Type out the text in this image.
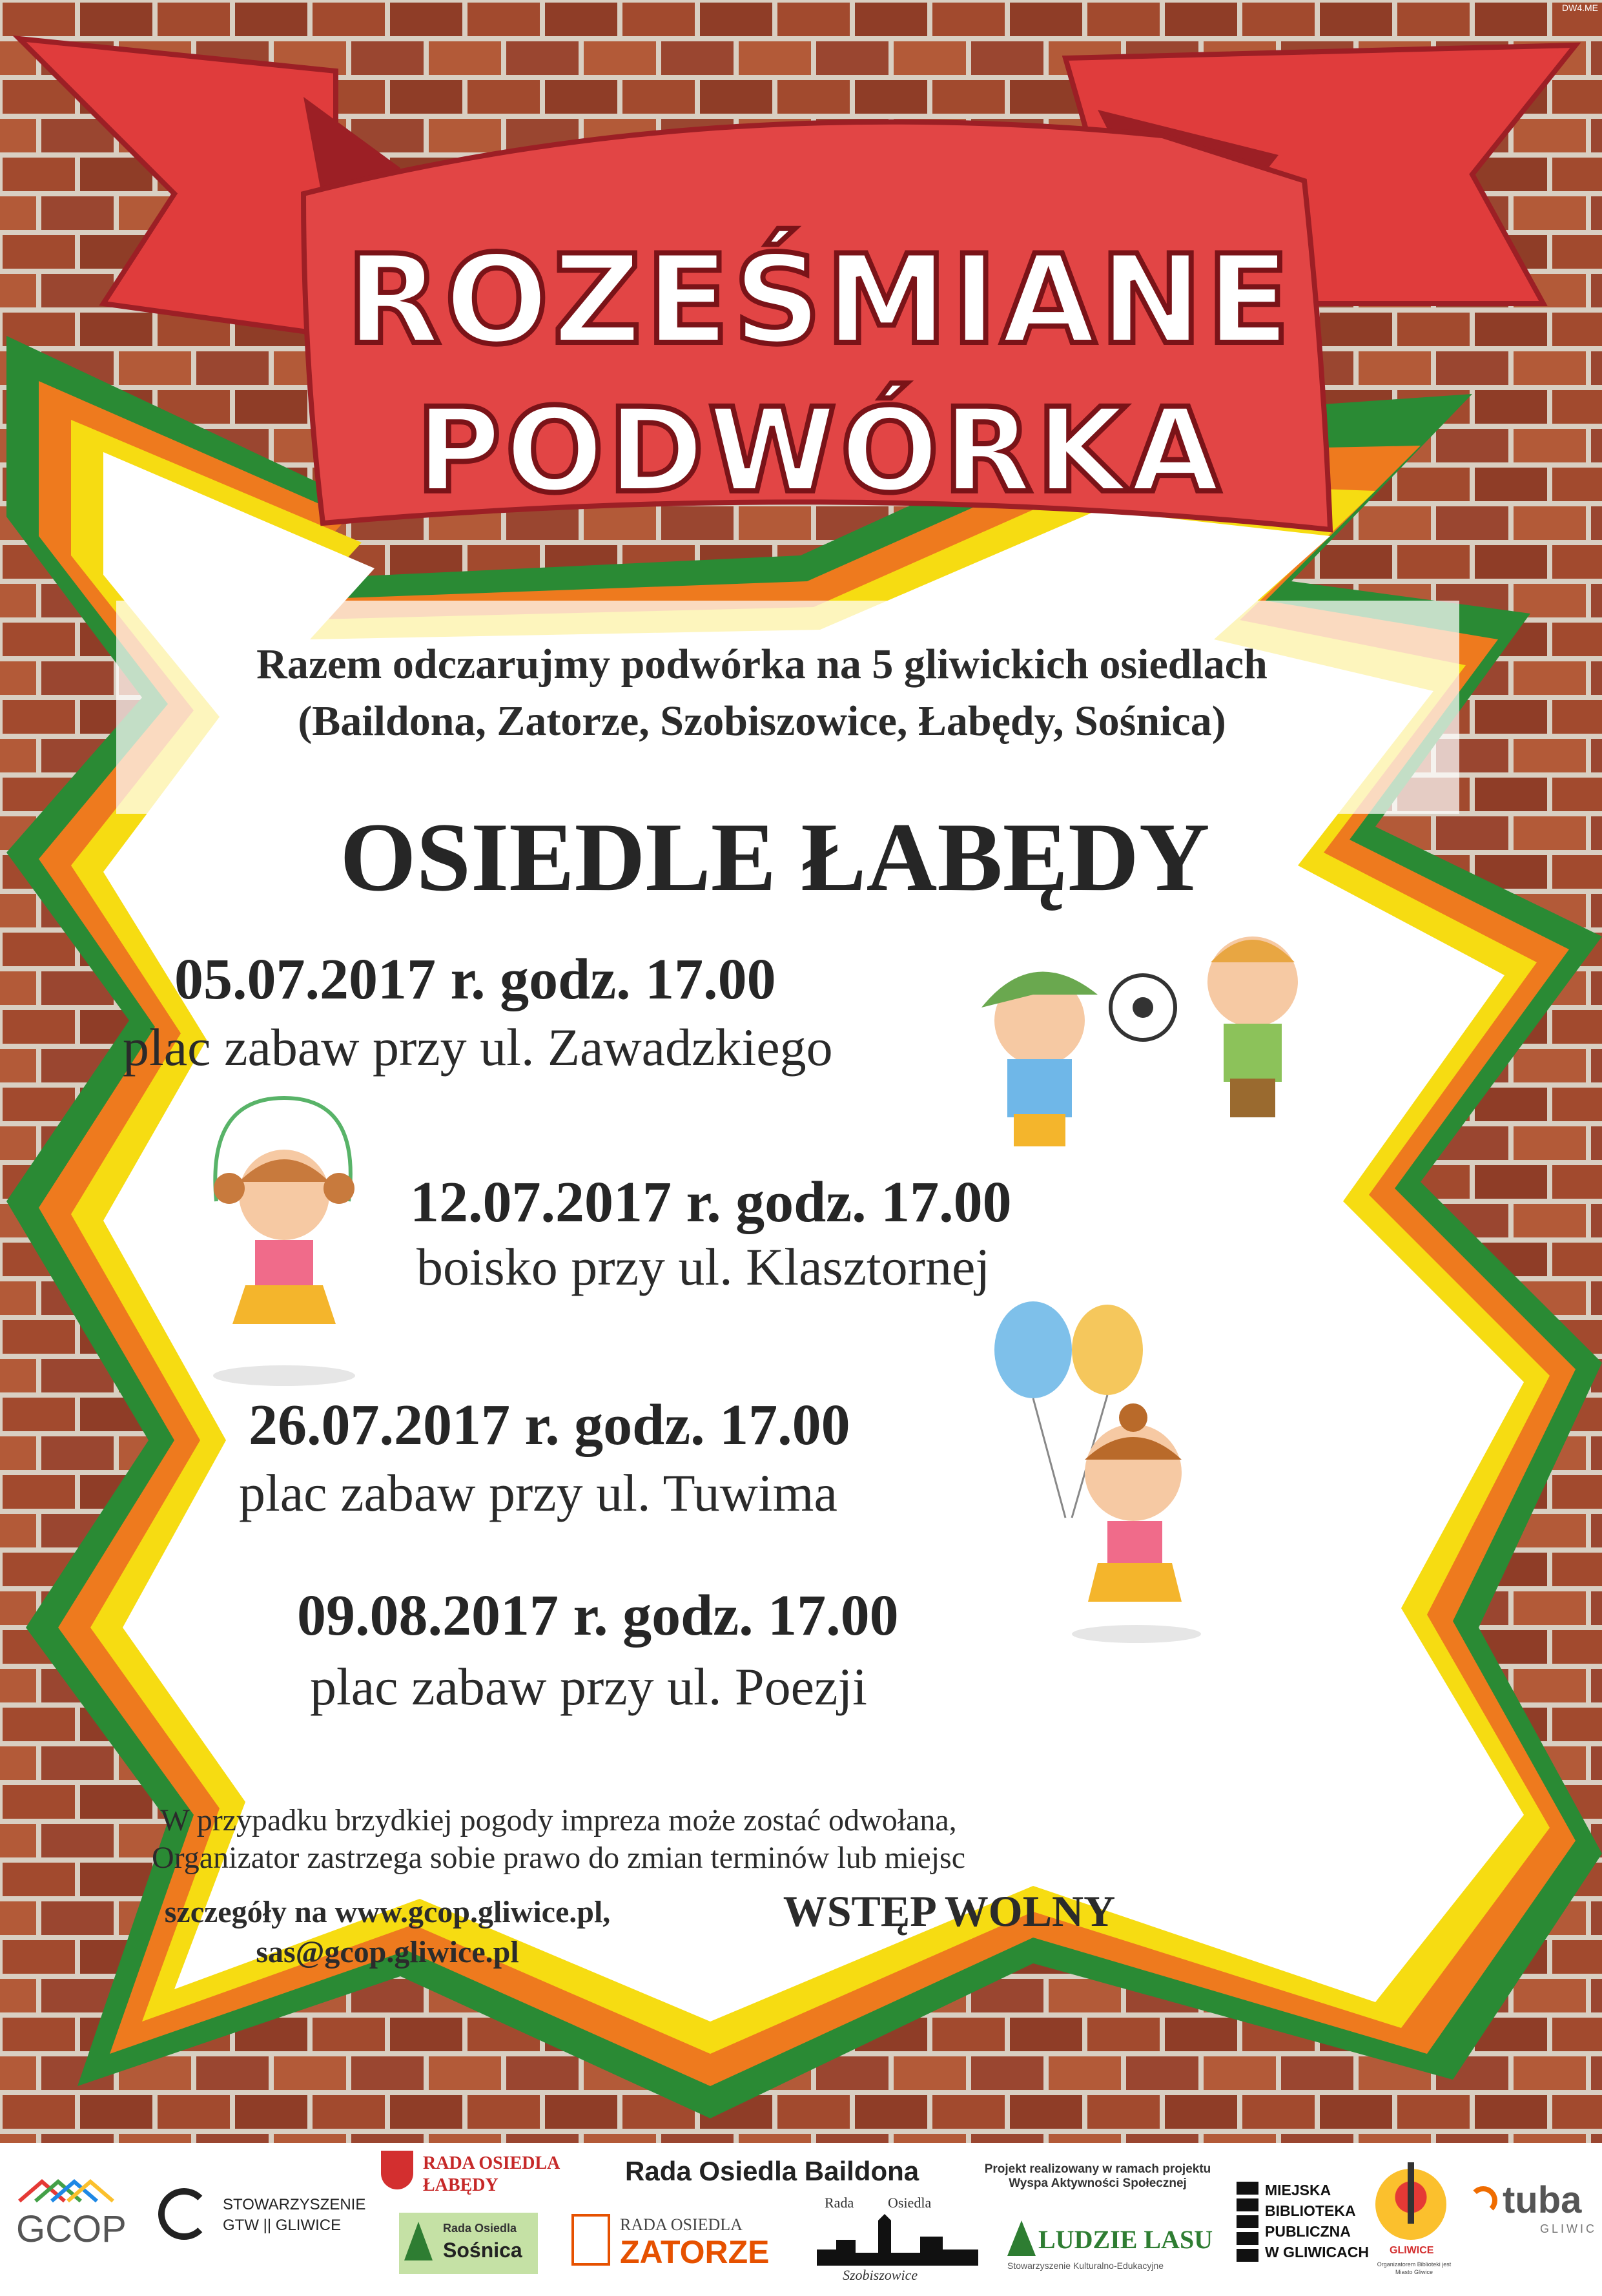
DW4.ME
ROZEŚMIANE
PODWÓRKA
Razem odczarujmy podwórka na 5 gliwickich osiedlach
(Baildona, Zatorze, Szobiszowice, Łabędy, Sośnica)
OSIEDLE ŁABĘDY
05.07.2017 r. godz. 17.00
plac zabaw przy ul. Zawadzkiego
12.07.2017 r. godz. 17.00
boisko przy ul. Klasztornej
26.07.2017 r. godz. 17.00
plac zabaw przy ul. Tuwima
09.08.2017 r. godz. 17.00
plac zabaw przy ul. Poezji
W przypadku brzydkiej pogody impreza może zostać odwołana,
Organizator zastrzega sobie prawo do zmian terminów lub miejsc
szczegóły na www.gcop.gliwice.pl,
sas@gcop.gliwice.pl
WSTĘP WOLNY
GCOP
STOWARZYSZENIE
GTW || GLIWICE
RADA OSIEDLA
ŁABĘDY
Rada Osiedla
Sośnica
Rada Osiedla Baildona
RADA OSIEDLA
ZATORZE
Rada Osiedla
Szobiszowice
Projekt realizowany w ramach projektu
Wyspa Aktywności Społecznej
LUDZIE LASU
Stowarzyszenie Kulturalno-Edukacyjne
MIEJSKA
BIBLIOTEKA
PUBLICZNA
W GLIWICACH GLIWICE
Organizatorem Biblioteki jest Miasto Gliwice
tuba
GLIWIC
